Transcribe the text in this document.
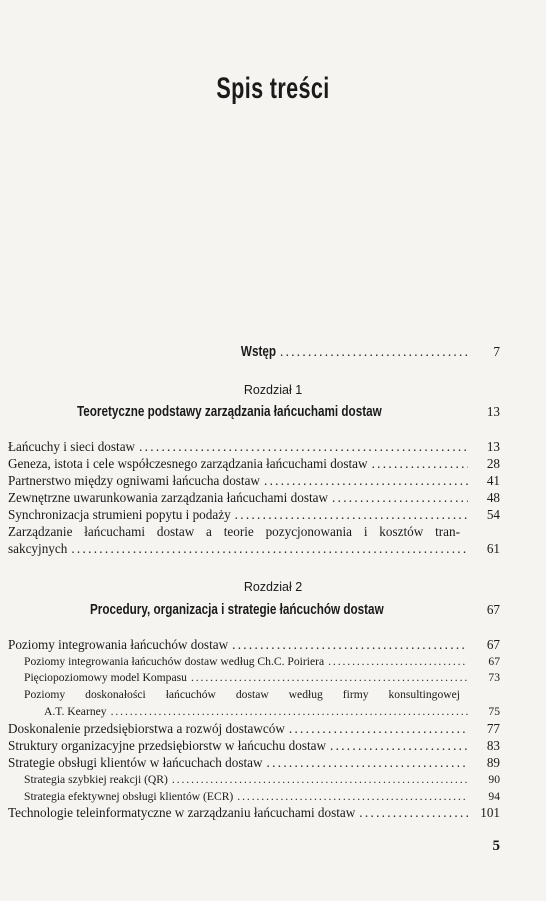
Spis treści
Wstęp . . .	7
Rozdział 1
Teoretyczne podstawy zarządzania łańcuchami dostaw	13
Łańcuchy i sieci dostaw . . .	13
Geneza, istota i cele współczesnego zarządzania łańcuchami dostaw . . .	28
Partnerstwo między ogniwami łańcucha dostaw . . .	41
Zewnętrzne uwarunkowania zarządzania łańcuchami dostaw . . .	48
Synchronizacja strumieni popytu i podaży . . .	54
Zarządzanie łańcuchami dostaw a teorie pozycjonowania i kosztów tran-
sakcyjnych . . .	61
Rozdział 2
Procedury, organizacja i strategie łańcuchów dostaw	67
Poziomy integrowania łańcuchów dostaw . . .	67
Poziomy integrowania łańcuchów dostaw według Ch.C. Poiriera . . .	67
Pięciopoziomowy model Kompasu . . .	73
Poziomy doskonałości łańcuchów dostaw według firmy konsultingowej
A.T. Kearney . . .	75
Doskonalenie przedsiębiorstwa a rozwój dostawców . . .	77
Struktury organizacyjne przedsiębiorstw w łańcuchu dostaw . . .	83
Strategie obsługi klientów w łańcuchach dostaw . . .	89
Strategia szybkiej reakcji (QR) . . .	90
Strategia efektywnej obsługi klientów (ECR) . . .	94
Technologie teleinformatyczne w zarządzaniu łańcuchami dostaw . . .	101
5
